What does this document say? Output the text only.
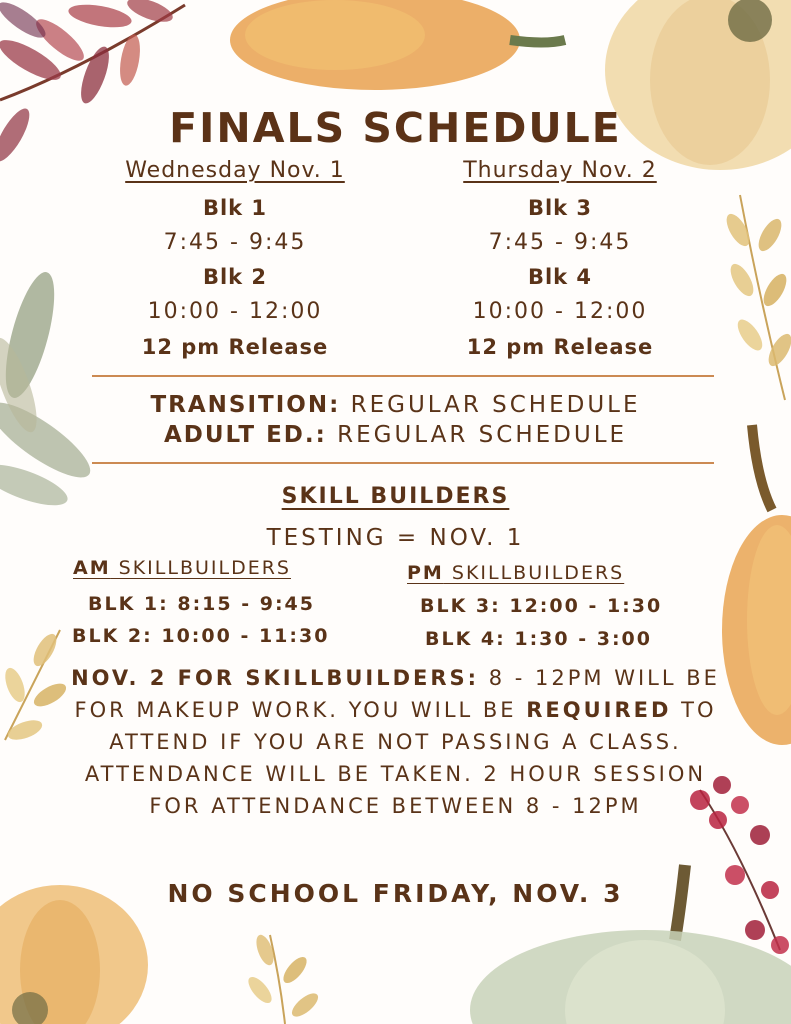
FINALS SCHEDULE
Wednesday Nov. 1
Blk 1
7:45 - 9:45
Blk 2
10:00 - 12:00
12 pm Release
Thursday Nov. 2
Blk 3
7:45 - 9:45
Blk 4
10:00 - 12:00
12 pm Release
TRANSITION: REGULAR SCHEDULE
ADULT ED.: REGULAR SCHEDULE
SKILL BUILDERS
TESTING = NOV. 1
AM SKILLBUILDERS	PM SKILLBUILDERS
BLK 1: 8:15 - 9:45
BLK 2: 10:00 - 11:30
BLK 3: 12:00 - 1:30
BLK 4: 1:30 - 3:00
NOV. 2 FOR SKILLBUILDERS: 8 - 12PM WILL BE FOR MAKEUP WORK. YOU WILL BE REQUIRED TO ATTEND IF YOU ARE NOT PASSING A CLASS. ATTENDANCE WILL BE TAKEN. 2 HOUR SESSION FOR ATTENDANCE BETWEEN 8 - 12PM
NO SCHOOL FRIDAY, NOV. 3
